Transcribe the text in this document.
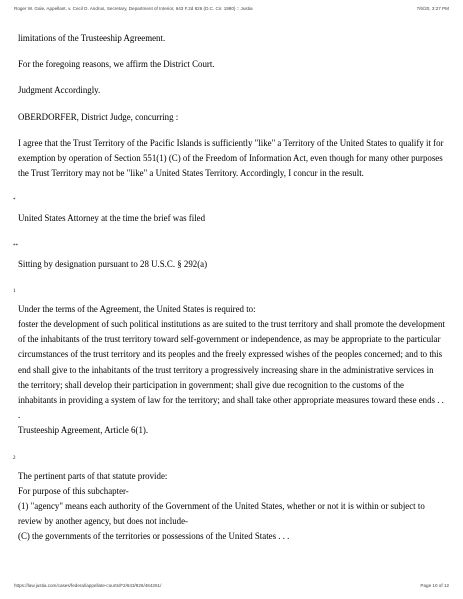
Roger W. Gale, Appellant, v. Cecil D. Andrus, Secretary, Department of Interior, 643 F.2d 826 (D.C. Cir. 1980) :: Justia	7/6/20, 3:27 PM

limitations of the Trusteeship Agreement.

For the foregoing reasons, we affirm the District Court.

Judgment Accordingly.

OBERDORFER, District Judge, concurring :

I agree that the Trust Territory of the Pacific Islands is sufficiently "like" a Territory of the United States to qualify it for exemption by operation of Section 551(1) (C) of the Freedom of Information Act, even though for many other purposes the Trust Territory may not be "like" a United States Territory. Accordingly, I concur in the result.

*

United States Attorney at the time the brief was filed

**

Sitting by designation pursuant to 28 U.S.C. § 292(a)

1

Under the terms of the Agreement, the United States is required to:

foster the development of such political institutions as are suited to the trust territory and shall promote the development of the inhabitants of the trust territory toward self-government or independence, as may be appropriate to the particular circumstances of the trust territory and its peoples and the freely expressed wishes of the peoples concerned; and to this end shall give to the inhabitants of the trust territory a progressively increasing share in the administrative services in the territory; shall develop their participation in government; shall give due recognition to the customs of the inhabitants in providing a system of law for the territory; and shall take other appropriate measures toward these ends . . .

Trusteeship Agreement, Article 6(1).

2

The pertinent parts of that statute provide:

For purpose of this subchapter-

(1) "agency" means each authority of the Government of the United States, whether or not it is within or subject to review by another agency, but does not include-

(C) the governments of the territories or possessions of the United States . . .

https://law.justia.com/cases/federal/appellate-courts/F2/643/826/464261/	Page 10 of 12
